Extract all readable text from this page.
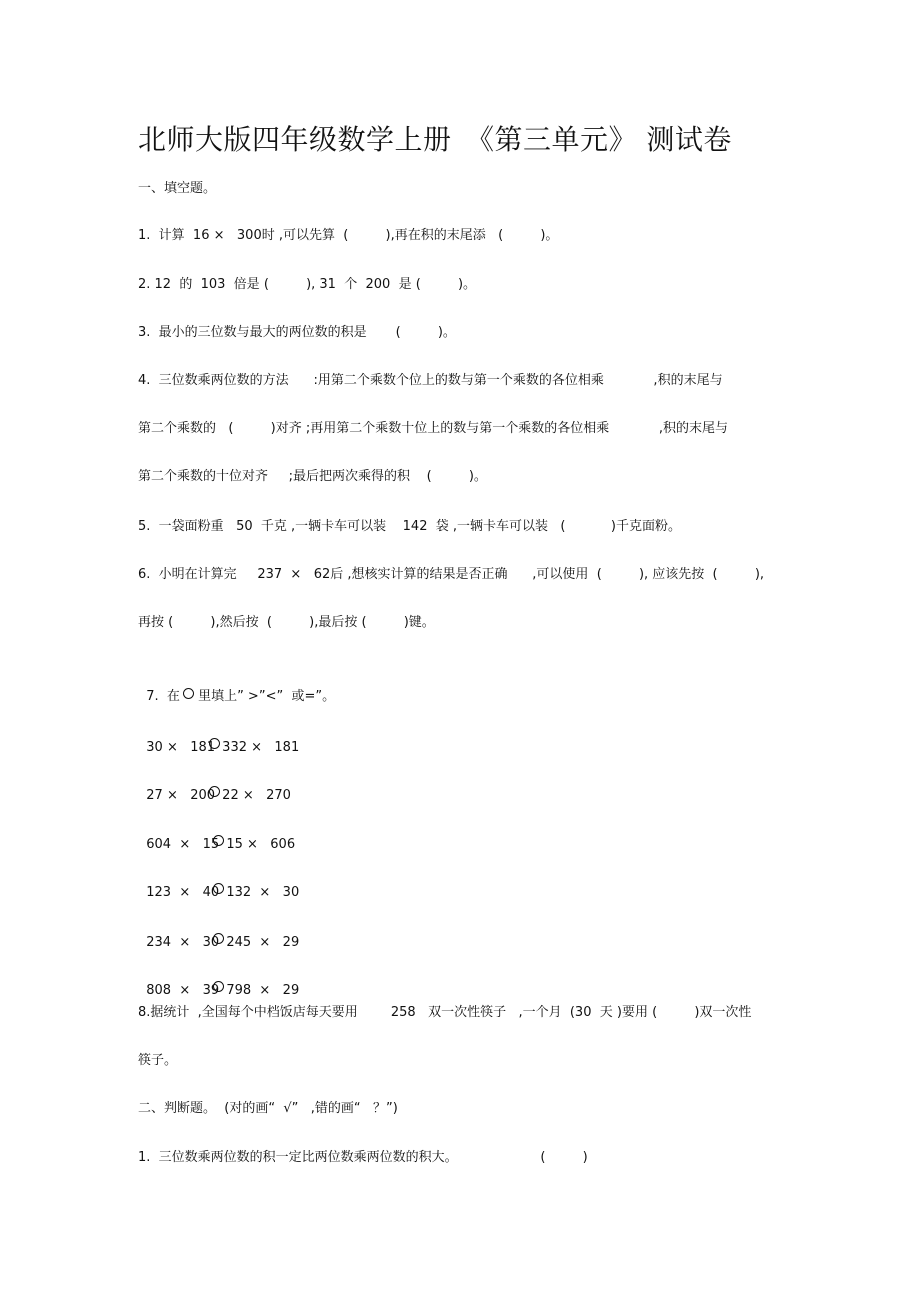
北师大版四年级数学上册　《第三单元》 测试卷
一、填空题。
1.  计算  16 ×   300时 ,可以先算  (         ),再在积的末尾添   (         )。
2. 12  的  103  倍是 (         ), 31  个  200  是 (         )。
3.  最小的三位数与最大的两位数的积是       (         )。
4.  三位数乘两位数的方法      :用第二个乘数个位上的数与第一个乘数的各位相乘            ,积的末尾与
第二个乘数的   (         )对齐 ;再用第二个乘数十位上的数与第一个乘数的各位相乘            ,积的末尾与
第二个乘数的十位对齐     ;最后把两次乘得的积    (         )。
5.  一袋面粉重   50  千克 ,一辆卡车可以装    142  袋 ,一辆卡车可以装   (           )千克面粉。
6.  小明在计算完     237  ×   62后 ,想核实计算的结果是否正确      ,可以使用  (         ), 应该先按  (         ),
再按 (         ),然后按  (         ),最后按 (         )键。

7.  在 里填上” >”<”  或=”。

30 ×   181 332 ×   181

27 ×   200 22 ×   270

604  ×   15 15 ×   606

123  ×   40 132  ×   30

234  ×   30 245  ×   29

808  ×   39 798  ×   29

8.据统计  ,全国每个中档饭店每天要用        258   双一次性筷子   ,一个月  (30  天 )要用 (         )双一次性
筷子。
二、判断题。  (对的画“  √”   ,错的画“   ？”)
1.  三位数乘两位数的积一定比两位数乘两位数的积大。                    (         )
